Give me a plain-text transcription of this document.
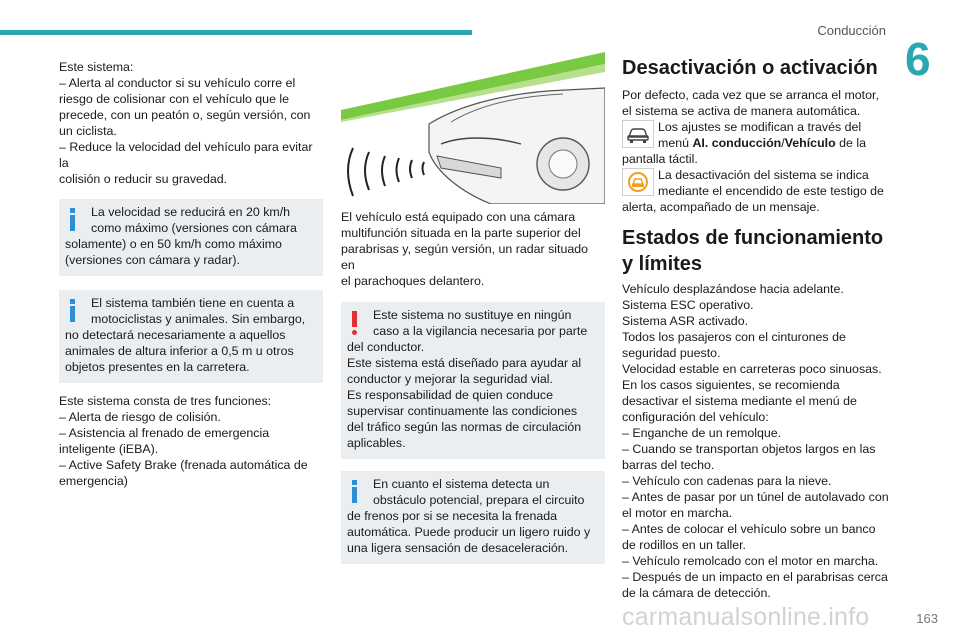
Conducción
6

Este sistema:

– Alerta al conductor si su vehículo corre el

riesgo de colisionar con el vehículo que le

precede, con un peatón o, según versión, con

un ciclista.

– Reduce la velocidad del vehículo para evitar la

colisión o reducir su gravedad.

La velocidad se reducirá en 20 km/h

como máximo (versiones con cámara

solamente) o en 50 km/h como máximo

(versiones con cámara y radar).

El sistema también tiene en cuenta a

motociclistas y animales. Sin embargo,

no detectará necesariamente a aquellos

animales de altura inferior a 0,5 m u otros

objetos presentes en la carretera.

Este sistema consta de tres funciones:

– Alerta de riesgo de colisión.

– Asistencia al frenado de emergencia

inteligente (iEBA).

– Active Safety Brake (frenada automática de

emergencia)

El vehículo está equipado con una cámara

multifunción situada en la parte superior del

parabrisas y, según versión, un radar situado en

el parachoques delantero.

Este sistema no sustituye en ningún

caso a la vigilancia necesaria por parte

del conductor.

Este sistema está diseñado para ayudar al

conductor y mejorar la seguridad vial.

Es responsabilidad de quien conduce

supervisar continuamente las condiciones

del tráfico según las normas de circulación

aplicables.

En cuanto el sistema detecta un

obstáculo potencial, prepara el circuito

de frenos por si se necesita la frenada

automática. Puede producir un ligero ruido y

una ligera sensación de desaceleración.

Desactivación o activación

Por defecto, cada vez que se arranca el motor,

el sistema se activa de manera automática.

Los ajustes se modifican a través del

menú AI. conducción/Vehículo de la

pantalla táctil.

La desactivación del sistema se indica

mediante el encendido de este testigo de

alerta, acompañado de un mensaje.

Estados de funcionamiento
y límites

Vehículo desplazándose hacia adelante.

Sistema ESC operativo.

Sistema ASR activado.

Todos los pasajeros con el cinturones de

seguridad puesto.

Velocidad estable en carreteras poco sinuosas.

En los casos siguientes, se recomienda

desactivar el sistema mediante el menú de

configuración del vehículo:

– Enganche de un remolque.

– Cuando se transportan objetos largos en las

barras del techo.

– Vehículo con cadenas para la nieve.

– Antes de pasar por un túnel de autolavado con

el motor en marcha.

– Antes de colocar el vehículo sobre un banco

de rodillos en un taller.

– Vehículo remolcado con el motor en marcha.

– Después de un impacto en el parabrisas cerca

de la cámara de detección.

carmanualsonline.info	163
